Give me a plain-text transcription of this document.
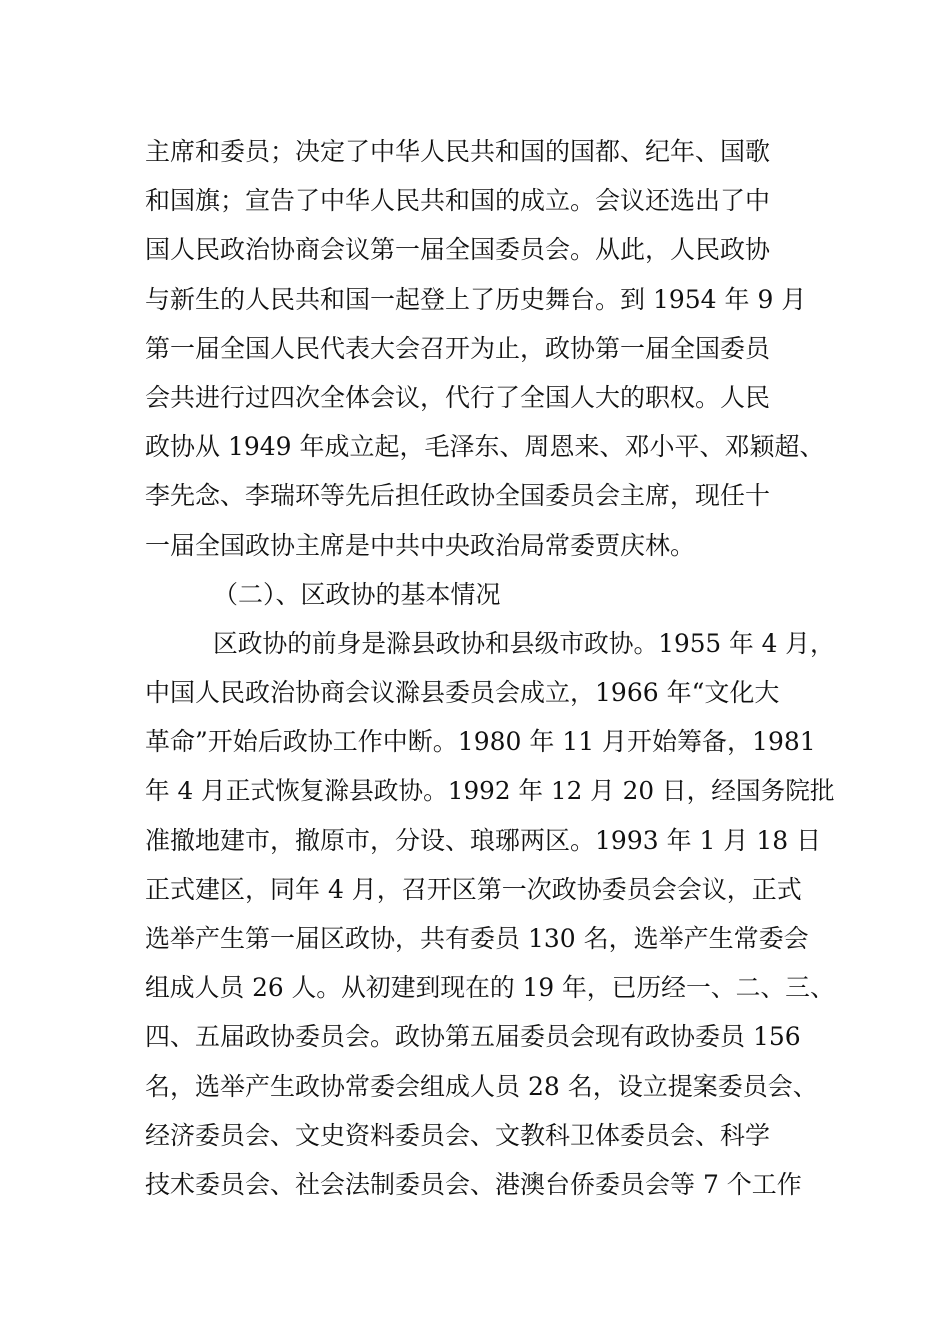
主席和委员；决定了中华人民共和国的国都、纪年、国歌
和国旗；宣告了中华人民共和国的成立。会议还选出了中
国人民政治协商会议第一届全国委员会。从此，人民政协
与新生的人民共和国一起登上了历史舞台。到 1954 年 9 月
第一届全国人民代表大会召开为止，政协第一届全国委员
会共进行过四次全体会议，代行了全国人大的职权。人民
政协从 1949 年成立起，毛泽东、周恩来、邓小平、邓颖超、
李先念、李瑞环等先后担任政协全国委员会主席，现任十
一届全国政协主席是中共中央政治局常委贾庆林。
（二）、区政协的基本情况
区政协的前身是滁县政协和县级市政协。1955 年 4 月，
中国人民政治协商会议滁县委员会成立，1966 年“文化大
革命”开始后政协工作中断。1980 年 11 月开始筹备，1981
年 4 月正式恢复滁县政协。1992 年 12 月 20 日，经国务院批
准撤地建市，撤原市，分设、琅琊两区。1993 年 1 月 18 日
正式建区，同年 4 月，召开区第一次政协委员会会议，正式
选举产生第一届区政协，共有委员 130 名，选举产生常委会
组成人员 26 人。从初建到现在的 19 年，已历经一、二、三、
四、五届政协委员会。政协第五届委员会现有政协委员 156
名，选举产生政协常委会组成人员 28 名，设立提案委员会、
经济委员会、文史资料委员会、文教科卫体委员会、科学
技术委员会、社会法制委员会、港澳台侨委员会等 7 个工作
